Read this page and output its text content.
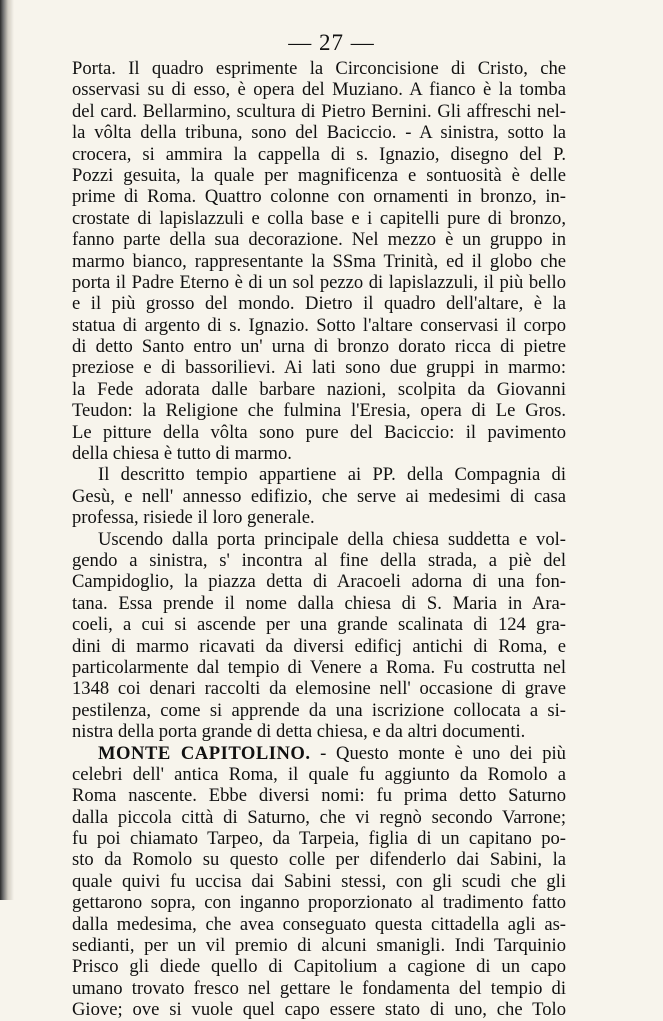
— 27 —
Porta. Il quadro esprimente la Circoncisione di Cristo, che
osservasi su di esso, è opera del Muziano. A fianco è la tomba
del card. Bellarmino, scultura di Pietro Bernini. Gli affreschi nel-
la vôlta della tribuna, sono del Baciccio. - A sinistra, sotto la
crocera, si ammira la cappella di s. Ignazio, disegno del P.
Pozzi gesuita, la quale per magnificenza e sontuosità è delle
prime di Roma. Quattro colonne con ornamenti in bronzo, in-
crostate di lapislazzuli e colla base e i capitelli pure di bronzo,
fanno parte della sua decorazione. Nel mezzo è un gruppo in
marmo bianco, rappresentante la SSma Trinità, ed il globo che
porta il Padre Eterno è di un sol pezzo di lapislazzuli, il più bello
e il più grosso del mondo. Dietro il quadro dell'altare, è la
statua di argento di s. Ignazio. Sotto l'altare conservasi il corpo
di detto Santo entro un' urna di bronzo dorato ricca di pietre
preziose e di bassorilievi. Ai lati sono due gruppi in marmo:
la Fede adorata dalle barbare nazioni, scolpita da Giovanni
Teudon: la Religione che fulmina l'Eresia, opera di Le Gros.
Le pitture della vôlta sono pure del Baciccio: il pavimento
della chiesa è tutto di marmo.
Il descritto tempio appartiene ai PP. della Compagnia di
Gesù, e nell' annesso edifizio, che serve ai medesimi di casa
professa, risiede il loro generale.
Uscendo dalla porta principale della chiesa suddetta e vol-
gendo a sinistra, s' incontra al fine della strada, a piè del
Campidoglio, la piazza detta di Aracoeli adorna di una fon-
tana. Essa prende il nome dalla chiesa di S. Maria in Ara-
coeli, a cui si ascende per una grande scalinata di 124 gra-
dini di marmo ricavati da diversi edificj antichi di Roma, e
particolarmente dal tempio di Venere a Roma. Fu costrutta nel
1348 coi denari raccolti da elemosine nell' occasione di grave
pestilenza, come si apprende da una iscrizione collocata a si-
nistra della porta grande di detta chiesa, e da altri documenti.
MONTE CAPITOLINO. - Questo monte è uno dei più
celebri dell' antica Roma, il quale fu aggiunto da Romolo a
Roma nascente. Ebbe diversi nomi: fu prima detto Saturno
dalla piccola città di Saturno, che vi regnò secondo Varrone;
fu poi chiamato Tarpeo, da Tarpeia, figlia di un capitano po-
sto da Romolo su questo colle per difenderlo dai Sabini, la
quale quivi fu uccisa dai Sabini stessi, con gli scudi che gli
gettarono sopra, con inganno proporzionato al tradimento fatto
dalla medesima, che avea conseguato questa cittadella agli as-
sedianti, per un vil premio di alcuni smanigli. Indi Tarquinio
Prisco gli diede quello di Capitolium a cagione di un capo
umano trovato fresco nel gettare le fondamenta del tempio di
Giove; ove si vuole quel capo essere stato di uno, che Tolo
